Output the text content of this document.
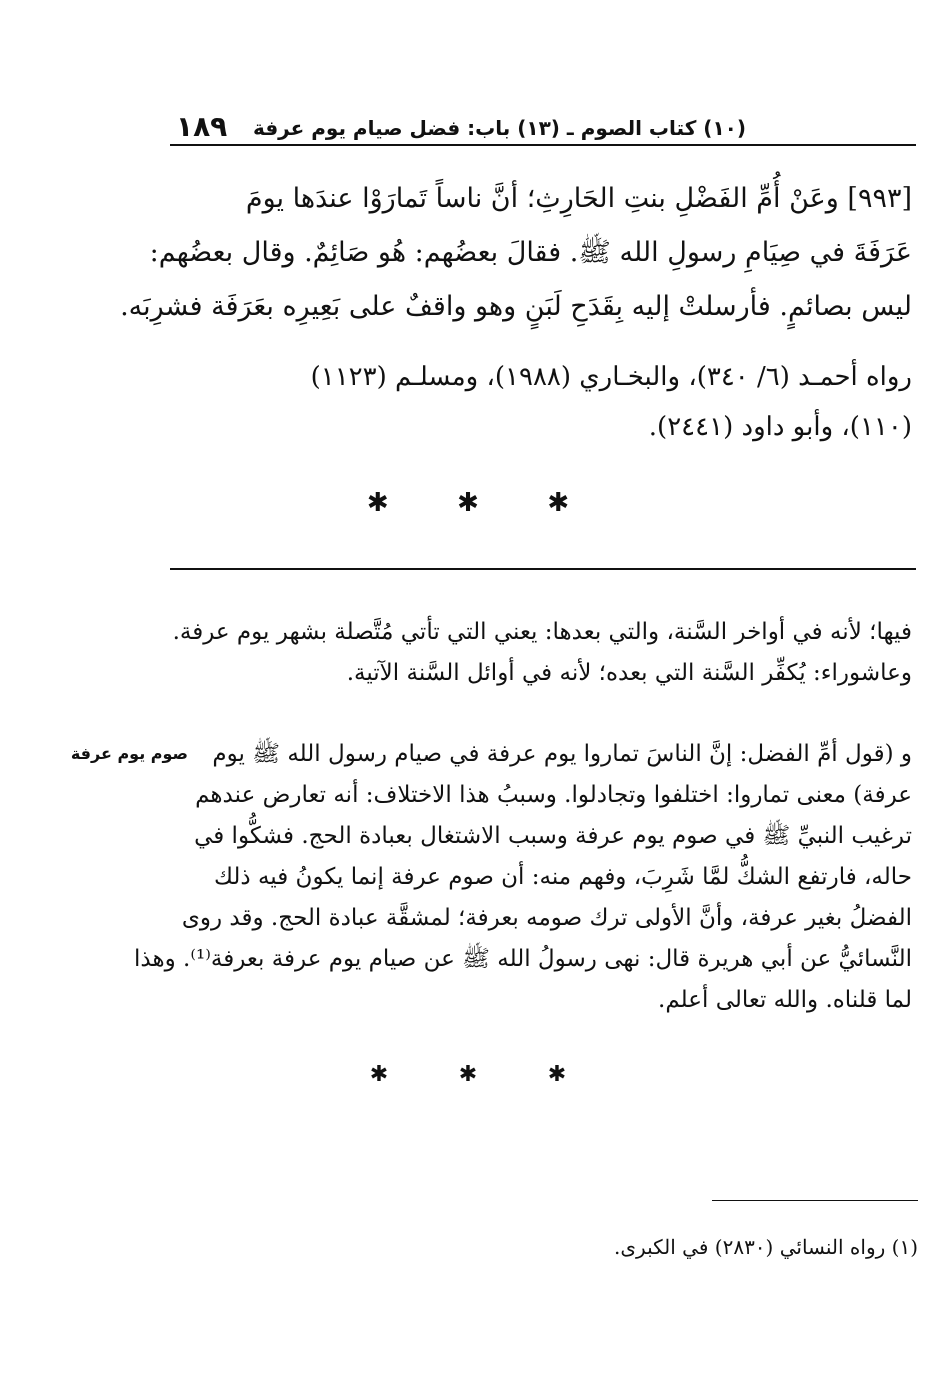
١٨٩ (١٠) كتاب الصوم ـ (١٣) باب: فضل صيام يوم عرفة
[٩٩٣] وعَنْ أُمِّ الفَضْلِ بنتِ الحَارِثِ؛ أنَّ ناساً تَمارَوْا عندَها يومَ
عَرَفَةَ في صِيَامِ رسولِ الله ﷺ. فقالَ بعضُهم: هُو صَائِمٌ. وقال بعضُهم:
ليس بصائمٍ. فأرسلتْ إليه بِقَدَحِ لَبَنٍ وهو واقفٌ على بَعِيرِه بعَرَفَة فشرِبَه.
رواه أحمـد (٦/ ٣٤٠)، والبخـاري (١٩٨٨)، ومسلـم (١١٢٣)
(١١٠)، وأبو داود (٢٤٤١).
✱	✱	✱
فيها؛ لأنه في أواخر السَّنة، والتي بعدها: يعني التي تأتي مُتَّصلة بشهر يوم عرفة.
وعاشوراء: يُكفِّر السَّنة التي بعده؛ لأنه في أوائل السَّنة الآتية.
صوم يوم عرفة	و (قول أمِّ الفضل: إنَّ الناسَ تماروا يوم عرفة في صيام رسول الله ﷺ يوم
عرفة) معنى تماروا: اختلفوا وتجادلوا. وسببُ هذا الاختلاف: أنه تعارض عندهم
ترغيب النبيِّ ﷺ في صوم يوم عرفة وسبب الاشتغال بعبادة الحج. فشكُّوا في
حاله، فارتفع الشكُّ لمَّا شَرِبَ، وفهم منه: أن صوم عرفة إنما يكونُ فيه ذلك
الفضلُ بغير عرفة، وأنَّ الأولى ترك صومه بعرفة؛ لمشقَّة عبادة الحج. وقد روى
النَّسائيُّ عن أبي هريرة قال: نهى رسولُ الله ﷺ عن صيام يوم عرفة بعرفة⁽¹⁾. وهذا
لما قلناه. والله تعالى أعلم.
✱	✱	✱
(١) رواه النسائي (٢٨٣٠) في الكبرى.
